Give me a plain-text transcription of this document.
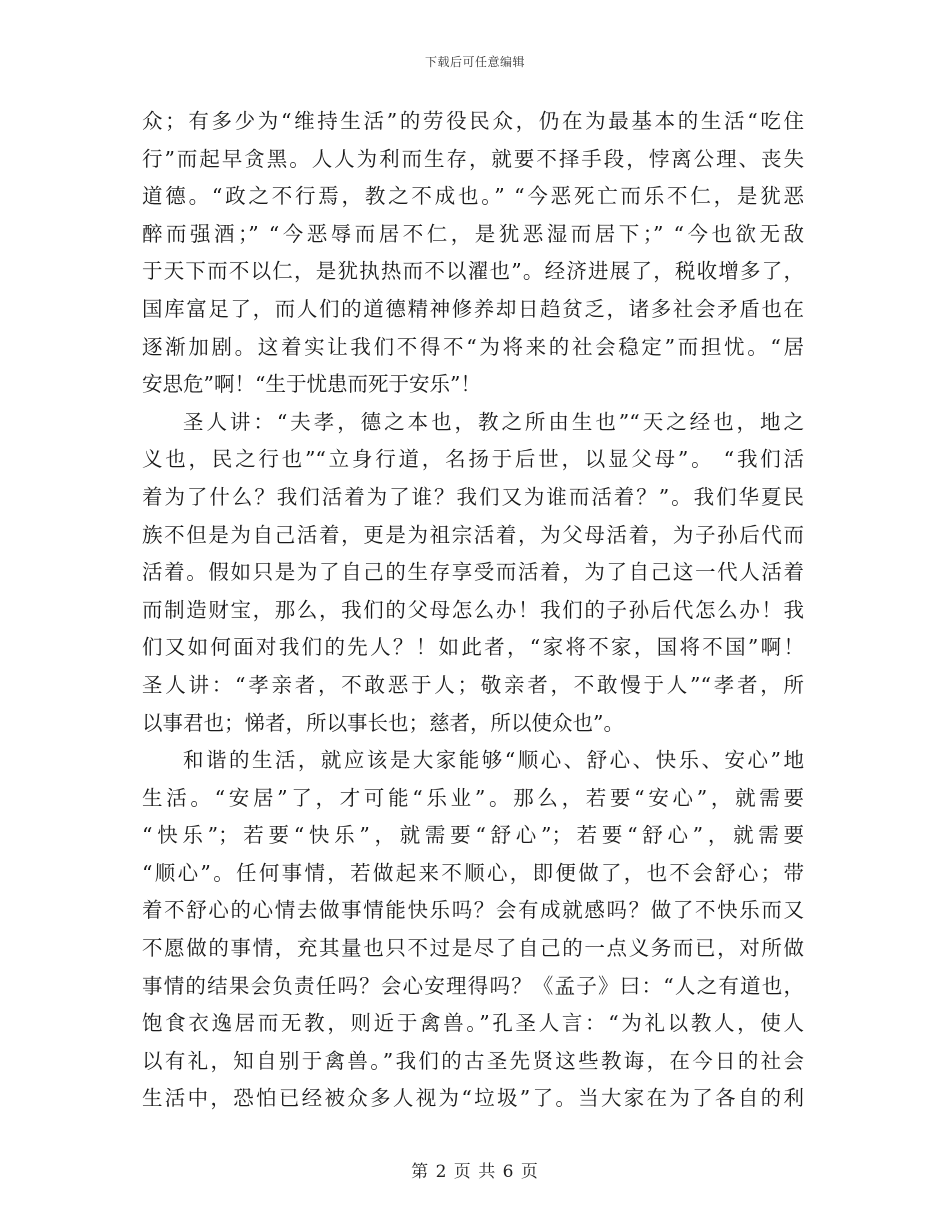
下载后可任意编辑
众；有多少为“维持生活”的劳役民众，仍在为最基本的生活“吃住
行”而起早贪黑。人人为利而生存，就要不择手段，悖离公理、丧失
道德。“政之不行焉，教之不成也。” “今恶死亡而乐不仁，是犹恶
醉而强酒；” “今恶辱而居不仁，是犹恶湿而居下；” “今也欲无敌
于天下而不以仁，是犹执热而不以濯也”。经济进展了，税收增多了，
国库富足了，而人们的道德精神修养却日趋贫乏，诸多社会矛盾也在
逐渐加剧。这着实让我们不得不“为将来的社会稳定”而担忧。“居
安思危”啊！“生于忧患而死于安乐”！
圣人讲：“夫孝，德之本也，教之所由生也”“天之经也，地之
义也，民之行也”“立身行道，名扬于后世，以显父母”。 “我们活
着为了什么？我们活着为了谁？我们又为谁而活着？”。我们华夏民
族不但是为自己活着，更是为祖宗活着，为父母活着，为子孙后代而
活着。假如只是为了自己的生存享受而活着，为了自己这一代人活着
而制造财宝，那么，我们的父母怎么办！我们的子孙后代怎么办！我
们又如何面对我们的先人？！如此者，“家将不家，国将不国”啊！
圣人讲：“孝亲者，不敢恶于人；敬亲者，不敢慢于人”“孝者，所
以事君也；悌者，所以事长也；慈者，所以使众也”。
和谐的生活，就应该是大家能够“顺心、舒心、快乐、安心”地
生活。“安居”了，才可能“乐业”。那么，若要“安心”，就需要
“快乐”；若要“快乐”，就需要“舒心”；若要“舒心”，就需要
“顺心”。任何事情，若做起来不顺心，即便做了，也不会舒心；带
着不舒心的心情去做事情能快乐吗？会有成就感吗？做了不快乐而又
不愿做的事情，充其量也只不过是尽了自己的一点义务而已，对所做
事情的结果会负责任吗？会心安理得吗？《孟子》曰：“人之有道也，
饱食衣逸居而无教，则近于禽兽。”孔圣人言：“为礼以教人，使人
以有礼，知自别于禽兽。”我们的古圣先贤这些教诲，在今日的社会
生活中，恐怕已经被众多人视为“垃圾”了。当大家在为了各自的利
第 2 页 共 6 页
